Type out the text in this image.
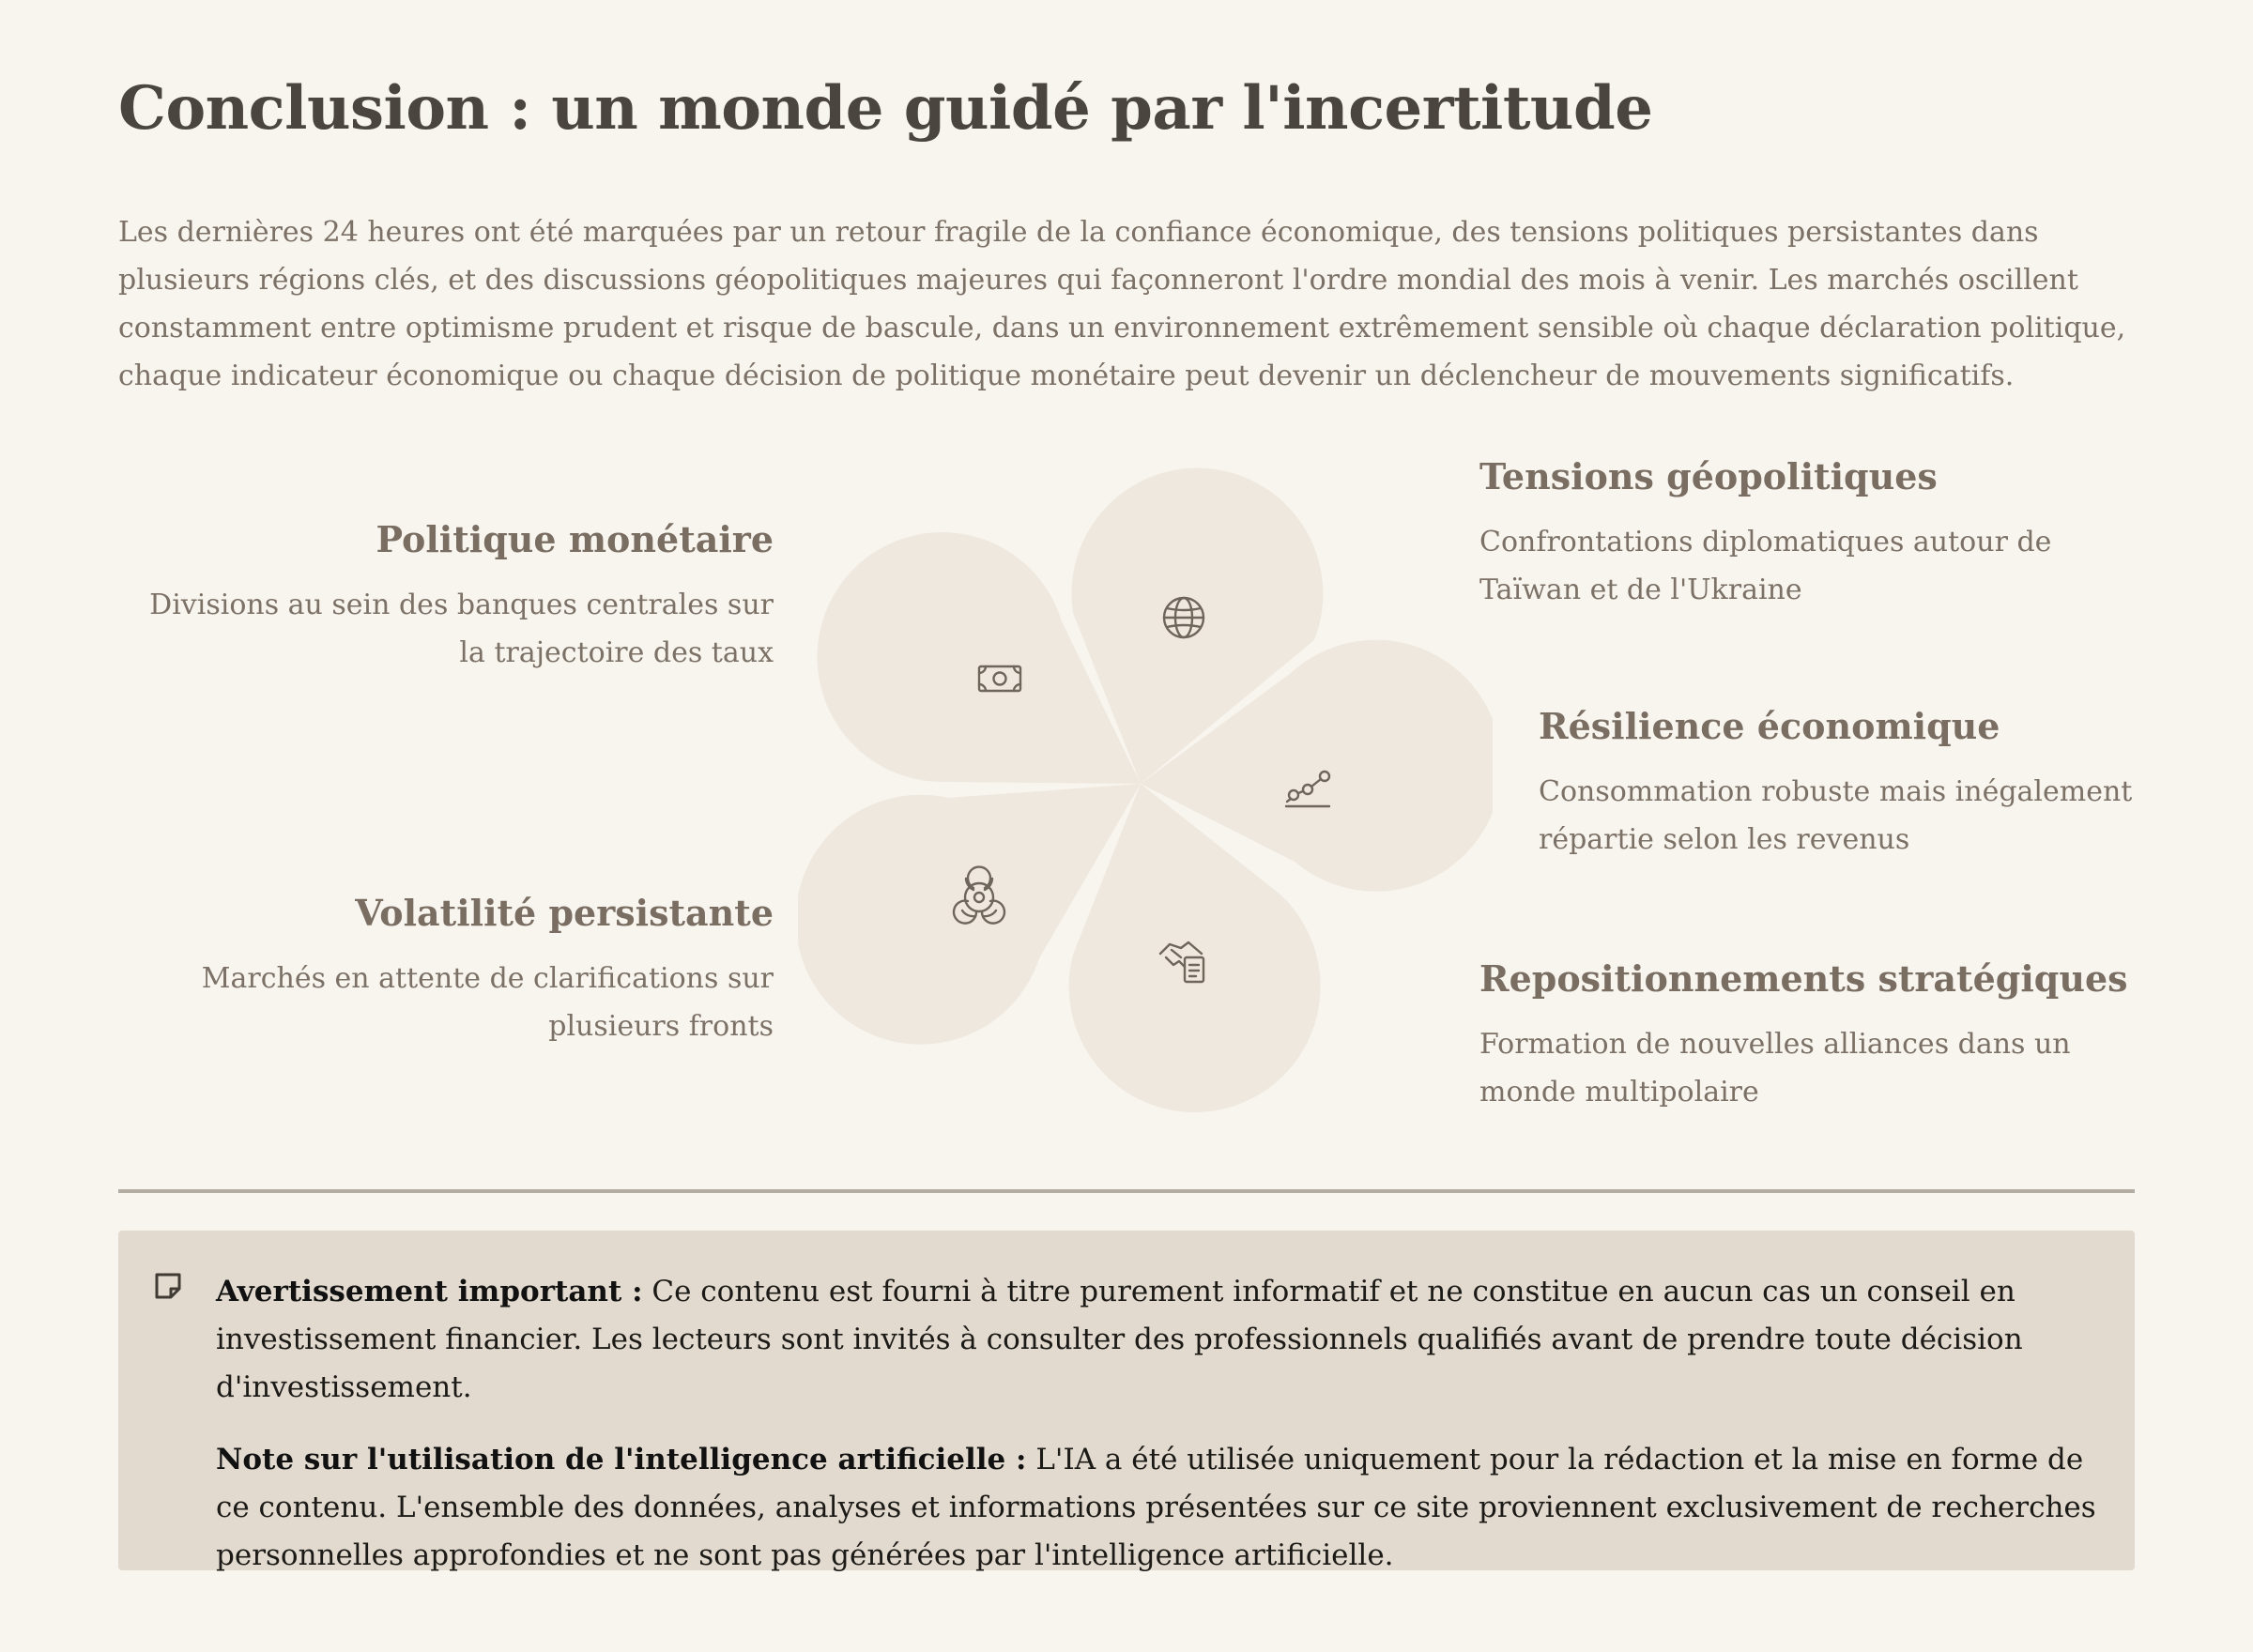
Conclusion : un monde guidé par l'incertitude

Les dernières 24 heures ont été marquées par un retour fragile de la confiance économique, des tensions politiques persistantes dans plusieurs régions clés, et des discussions géopolitiques majeures qui façonneront l'ordre mondial des mois à venir. Les marchés oscillent constamment entre optimisme prudent et risque de bascule, dans un environnement extrêmement sensible où chaque déclaration politique, chaque indicateur économique ou chaque décision de politique monétaire peut devenir un déclencheur de mouvements significatifs.

Politique monétaire

Divisions au sein des banques centrales sur la trajectoire des taux

Volatilité persistante

Marchés en attente de clarifications sur plusieurs fronts

Tensions géopolitiques

Confrontations diplomatiques autour de Taïwan et de l'Ukraine

Résilience économique

Consommation robuste mais inégalement répartie selon les revenus

Repositionnements stratégiques

Formation de nouvelles alliances dans un monde multipolaire

Avertissement important : Ce contenu est fourni à titre purement informatif et ne constitue en aucun cas un conseil en investissement financier. Les lecteurs sont invités à consulter des professionnels qualifiés avant de prendre toute décision d'investissement.

Note sur l'utilisation de l'intelligence artificielle : L'IA a été utilisée uniquement pour la rédaction et la mise en forme de ce contenu. L'ensemble des données, analyses et informations présentées sur ce site proviennent exclusivement de recherches personnelles approfondies et ne sont pas générées par l'intelligence artificielle.
